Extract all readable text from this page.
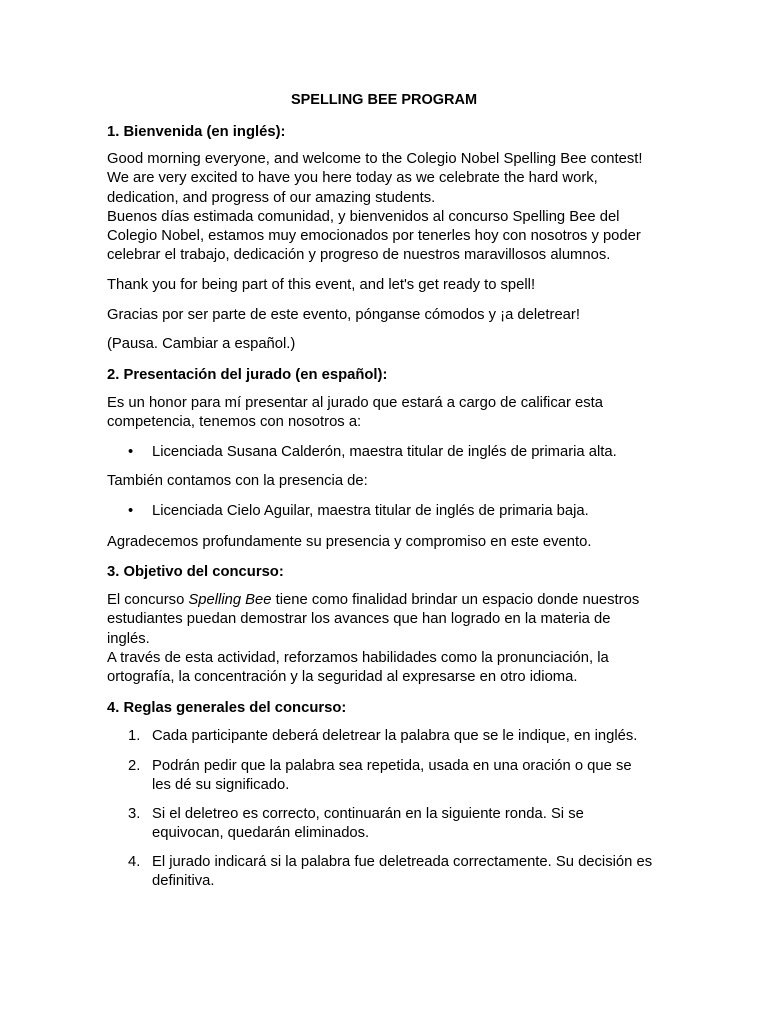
SPELLING BEE PROGRAM
1. Bienvenida (en inglés):
Good morning everyone, and welcome to the Colegio Nobel Spelling Bee contest!
We are very excited to have you here today as we celebrate the hard work,
dedication, and progress of our amazing students.
Buenos días estimada comunidad, y bienvenidos al concurso Spelling Bee del
Colegio Nobel, estamos muy emocionados por tenerles hoy con nosotros y poder
celebrar el trabajo, dedicación y progreso de nuestros maravillosos alumnos.
Thank you for being part of this event, and let's get ready to spell!
Gracias por ser parte de este evento, pónganse cómodos y ¡a deletrear!
(Pausa. Cambiar a español.)
2. Presentación del jurado (en español):
Es un honor para mí presentar al jurado que estará a cargo de calificar esta
competencia, tenemos con nosotros a:
• Licenciada Susana Calderón, maestra titular de inglés de primaria alta.
También contamos con la presencia de:
• Licenciada Cielo Aguilar, maestra titular de inglés de primaria baja.
Agradecemos profundamente su presencia y compromiso en este evento.
3. Objetivo del concurso:
El concurso Spelling Bee tiene como finalidad brindar un espacio donde nuestros
estudiantes puedan demostrar los avances que han logrado en la materia de
inglés.
A través de esta actividad, reforzamos habilidades como la pronunciación, la
ortografía, la concentración y la seguridad al expresarse en otro idioma.
4. Reglas generales del concurso:
1. Cada participante deberá deletrear la palabra que se le indique, en inglés.
2. Podrán pedir que la palabra sea repetida, usada en una oración o que se
les dé su significado.
3. Si el deletreo es correcto, continuarán en la siguiente ronda. Si se
equivocan, quedarán eliminados.
4. El jurado indicará si la palabra fue deletreada correctamente. Su decisión es
definitiva.
